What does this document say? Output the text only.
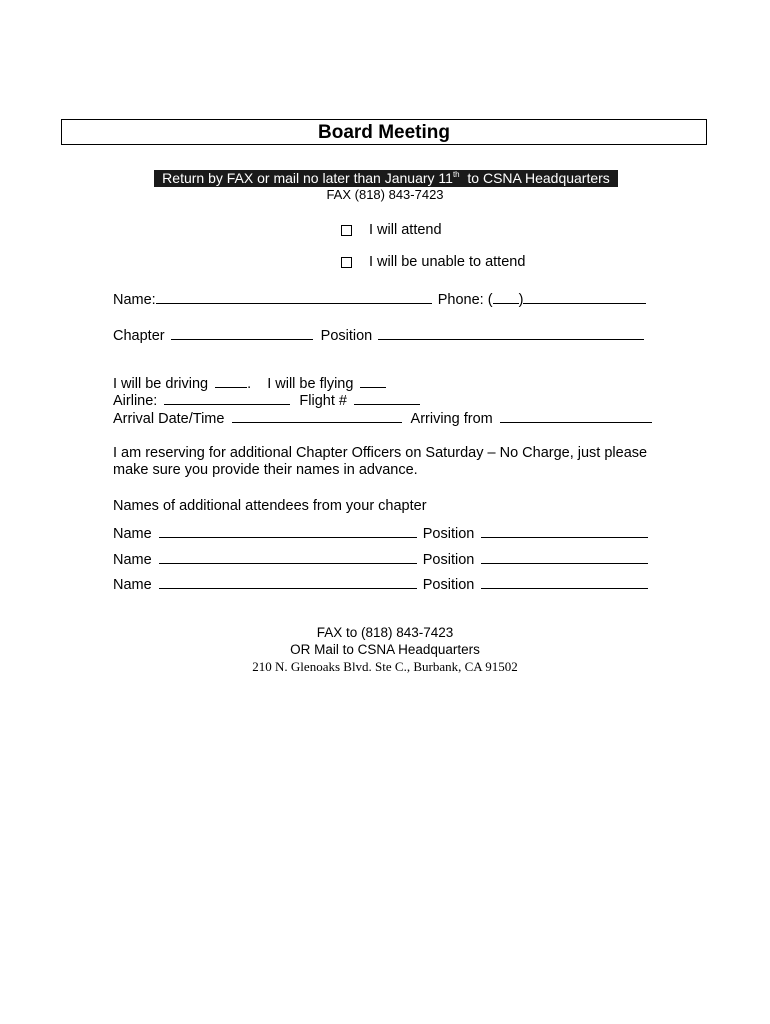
Board Meeting
Return by FAX or mail no later than January 11th  to CSNA Headquarters
FAX (818) 843-7423
I will attend
I will be unable to attend
Name:	Phone: ( )
Chapter	Position
I will be driving	. I will be flying
Airline:	Flight #
Arrival Date/Time	Arriving from
I am reserving for additional Chapter Officers on Saturday – No Charge, just please make sure you provide their names in advance.
Names of additional attendees from your chapter
Name	Position
Name	Position
Name	Position
FAX to (818) 843-7423
OR Mail to CSNA Headquarters
210 N. Glenoaks Blvd. Ste C., Burbank, CA 91502
